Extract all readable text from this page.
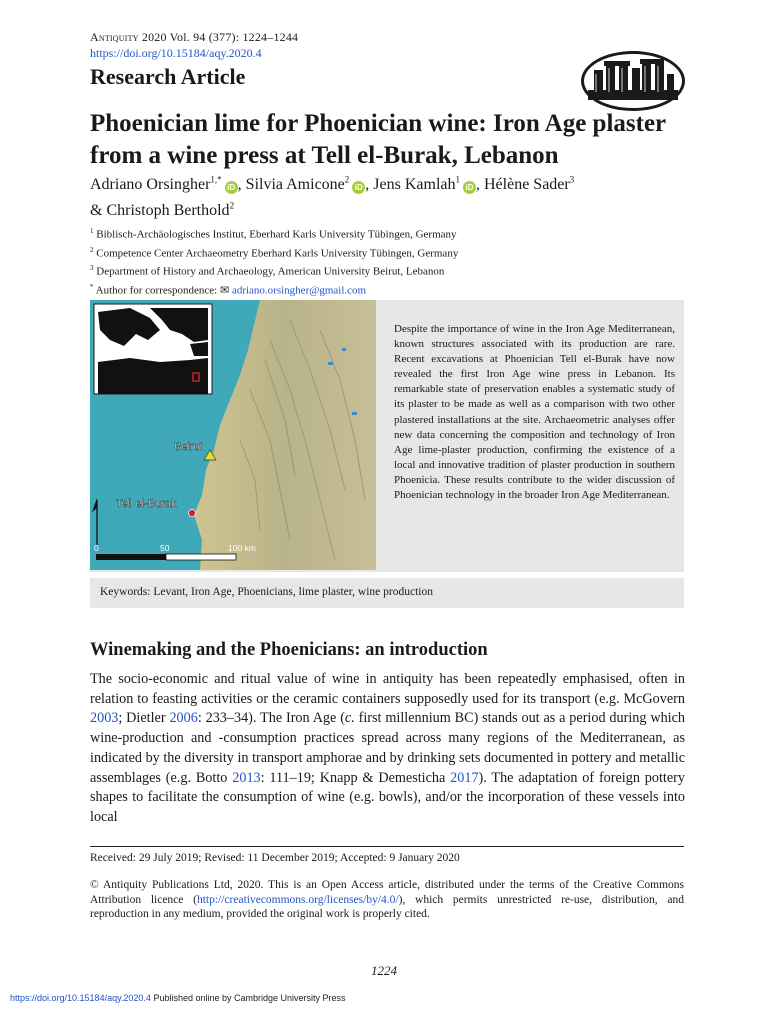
Antiquity 2020 Vol. 94 (377): 1224–1244
https://doi.org/10.15184/aqy.2020.4
Research Article
Phoenician lime for Phoenician wine: Iron Age plaster from a wine press at Tell el-Burak, Lebanon
Adriano Orsingher$^{1,*}$iD , Silvia Amicone$^2$iD , Jens Kamlah$^1$iD , Hélène Sader$^3$
& Christoph Berthold$^2$
$^1$ Biblisch-Archäologisches Institut, Eberhard Karls University Tübingen, Germany
$^2$ Competence Center Archaeometry Eberhard Karls University Tübingen, Germany
$^3$ Department of History and Archaeology, American University Beirut, Lebanon
* Author for correspondence: ✉ adriano.orsingher@gmail.com
Beirut
Tell el-Burak
0	50	100 km
Despite the importance of wine in the Iron Age Mediterranean, known structures associated with its production are rare. Recent excavations at Phoenician Tell el-Burak have now revealed the first Iron Age wine press in Lebanon. Its remarkable state of preservation enables a systematic study of its plaster to be made as well as a comparison with two other plastered installations at the site. Archaeometric analyses offer new data concerning the composition and technology of Iron Age lime-plaster production, confirming the existence of a local and innovative tradition of plaster production in southern Phoenicia. These results contribute to the wider discussion of Phoenician technology in the broader Iron Age Mediterranean.
Keywords: Levant, Iron Age, Phoenicians, lime plaster, wine production
Winemaking and the Phoenicians: an introduction

The socio-economic and ritual value of wine in antiquity has been repeatedly emphasised, often in relation to feasting activities or the ceramic containers supposedly used for its transport (e.g. McGovern 2003; Dietler 2006: 233–34). The Iron Age (c. first millennium BC) stands out as a period during which wine-production and -consumption practices spread across many regions of the Mediterranean, as indicated by the diversity in transport amphorae and by drinking sets documented in pottery and metallic assemblages (e.g. Botto 2013: 111–19; Knapp & Demesticha 2017). The adaptation of foreign pottery shapes to facilitate the consumption of wine (e.g. bowls), and/or the incorporation of these vessels into local

Received: 29 July 2019; Revised: 11 December 2019; Accepted: 9 January 2020
© Antiquity Publications Ltd, 2020. This is an Open Access article, distributed under the terms of the Creative Commons Attribution licence (http://creativecommons.org/licenses/by/4.0/), which permits unrestricted re-use, distribution, and reproduction in any medium, provided the original work is properly cited.
1224
https://doi.org/10.15184/aqy.2020.4 Published online by Cambridge University Press
